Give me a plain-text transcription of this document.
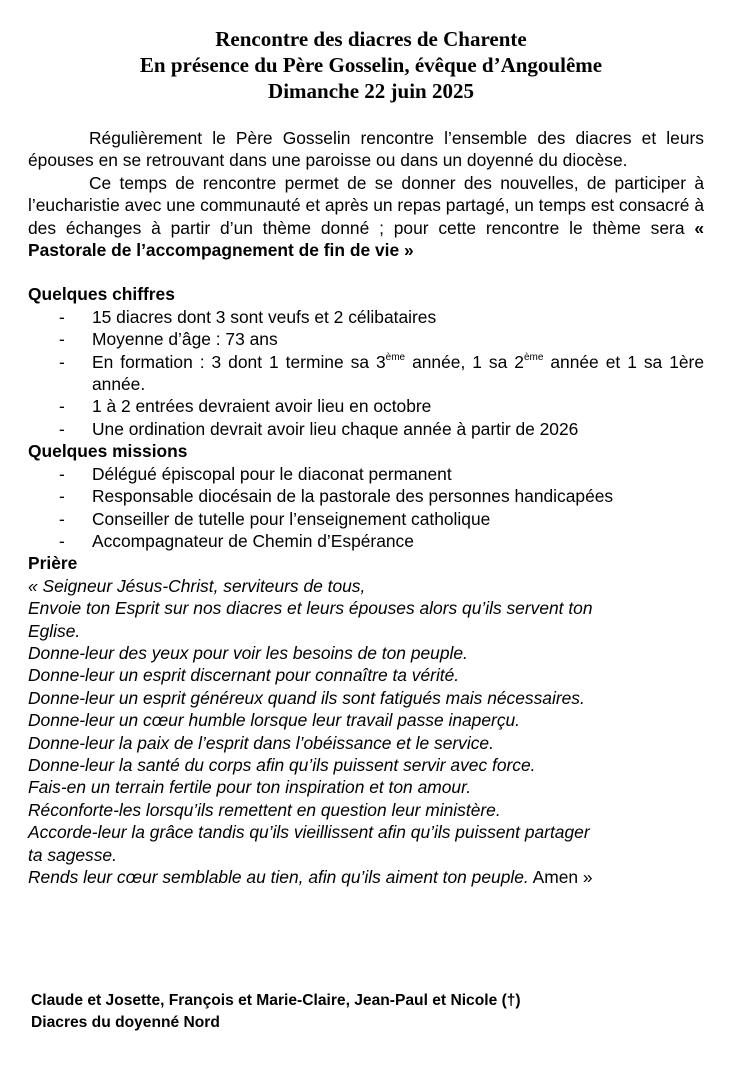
Rencontre des diacres de Charente
En présence du Père Gosselin, évêque d’Angoulême
Dimanche 22 juin 2025

Régulièrement le Père Gosselin rencontre l’ensemble des diacres et leurs épouses en se retrouvant dans une paroisse ou dans un doyenné du diocèse.

Ce temps de rencontre permet de se donner des nouvelles, de participer à l’eucharistie avec une communauté et après un repas partagé, un temps est consacré à des échanges à partir d’un thème donné ; pour cette rencontre le thème sera « Pastorale de l’accompagnement de fin de vie »

Quelques chiffres

- 15 diacres dont 3 sont veufs et 2 célibataires
- Moyenne d’âge : 73 ans
- En formation : 3 dont 1 termine sa 3ème année, 1 sa 2ème année et 1 sa 1ère année.
- 1 à 2 entrées devraient avoir lieu en octobre
- Une ordination devrait avoir lieu chaque année à partir de 2026

Quelques missions

- Délégué épiscopal pour le diaconat permanent
- Responsable diocésain de la pastorale des personnes handicapées
- Conseiller de tutelle pour l’enseignement catholique
- Accompagnateur de Chemin d’Espérance

Prière

« Seigneur Jésus-Christ, serviteurs de tous,
Envoie ton Esprit sur nos diacres et leurs épouses alors qu’ils servent ton
Eglise.
Donne-leur des yeux pour voir les besoins de ton peuple.
Donne-leur un esprit discernant pour connaître ta vérité.
Donne-leur un esprit généreux quand ils sont fatigués mais nécessaires.
Donne-leur un cœur humble lorsque leur travail passe inaperçu.
Donne-leur la paix de l’esprit dans l’obéissance et le service.
Donne-leur la santé du corps afin qu’ils puissent servir avec force.
Fais-en un terrain fertile pour ton inspiration et ton amour.
Réconforte-les lorsqu’ils remettent en question leur ministère.
Accorde-leur la grâce tandis qu’ils vieillissent afin qu’ils puissent partager
ta sagesse.
Rends leur cœur semblable au tien, afin qu’ils aiment ton peuple. Amen »
Claude et Josette, François et Marie-Claire, Jean-Paul et Nicole (†)
Diacres du doyenné Nord
